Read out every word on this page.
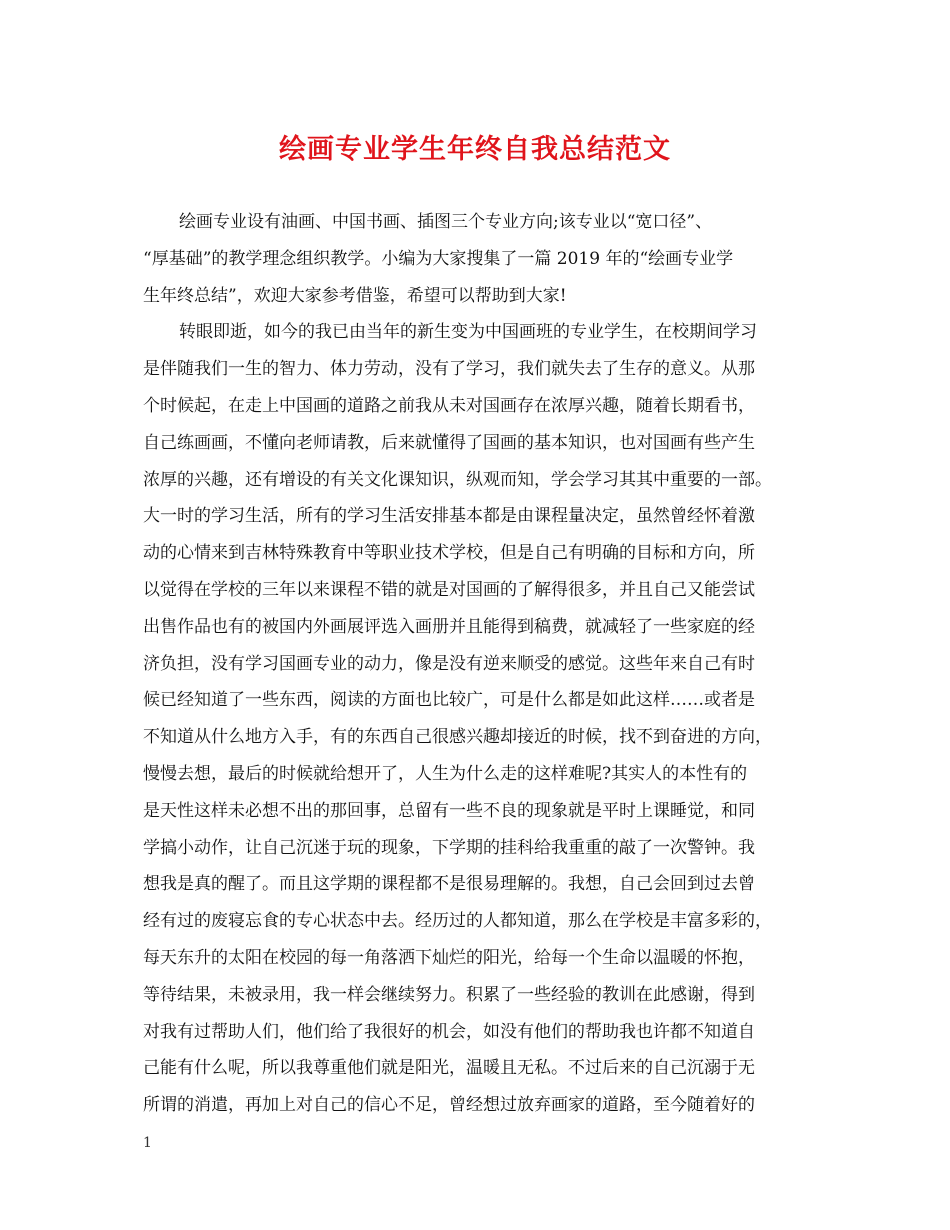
绘画专业学生年终自我总结范文
绘画专业设有油画、中国书画、插图三个专业方向;该专业以“宽口径”、
“厚基础”的教学理念组织教学。小编为大家搜集了一篇 2019 年的“绘画专业学
生年终总结”，欢迎大家参考借鉴，希望可以帮助到大家!
转眼即逝，如今的我已由当年的新生变为中国画班的专业学生，在校期间学习
是伴随我们一生的智力、体力劳动，没有了学习，我们就失去了生存的意义。从那
个时候起，在走上中国画的道路之前我从未对国画存在浓厚兴趣，随着长期看书，
自己练画画，不懂向老师请教，后来就懂得了国画的基本知识，也对国画有些产生
浓厚的兴趣，还有增设的有关文化课知识，纵观而知，学会学习其其中重要的一部。
大一时的学习生活，所有的学习生活安排基本都是由课程量决定，虽然曾经怀着激
动的心情来到吉林特殊教育中等职业技术学校，但是自己有明确的目标和方向，所
以觉得在学校的三年以来课程不错的就是对国画的了解得很多，并且自己又能尝试
出售作品也有的被国内外画展评选入画册并且能得到稿费，就减轻了一些家庭的经
济负担，没有学习国画专业的动力，像是没有逆来顺受的感觉。这些年来自己有时
候已经知道了一些东西，阅读的方面也比较广，可是什么都是如此这样……或者是
不知道从什么地方入手，有的东西自己很感兴趣却接近的时候，找不到奋进的方向，
慢慢去想，最后的时候就给想开了，人生为什么走的这样难呢?其实人的本性有的
是天性这样未必想不出的那回事，总留有一些不良的现象就是平时上课睡觉，和同
学搞小动作，让自己沉迷于玩的现象，下学期的挂科给我重重的敲了一次警钟。我
想我是真的醒了。而且这学期的课程都不是很易理解的。我想，自己会回到过去曾
经有过的废寝忘食的专心状态中去。经历过的人都知道，那么在学校是丰富多彩的，
每天东升的太阳在校园的每一角落洒下灿烂的阳光，给每一个生命以温暖的怀抱，
等待结果，未被录用，我一样会继续努力。积累了一些经验的教训在此感谢，得到
对我有过帮助人们，他们给了我很好的机会，如没有他们的帮助我也许都不知道自
己能有什么呢，所以我尊重他们就是阳光，温暖且无私。不过后来的自己沉溺于无
所谓的消遣，再加上对自己的信心不足，曾经想过放弃画家的道路，至今随着好的
1
